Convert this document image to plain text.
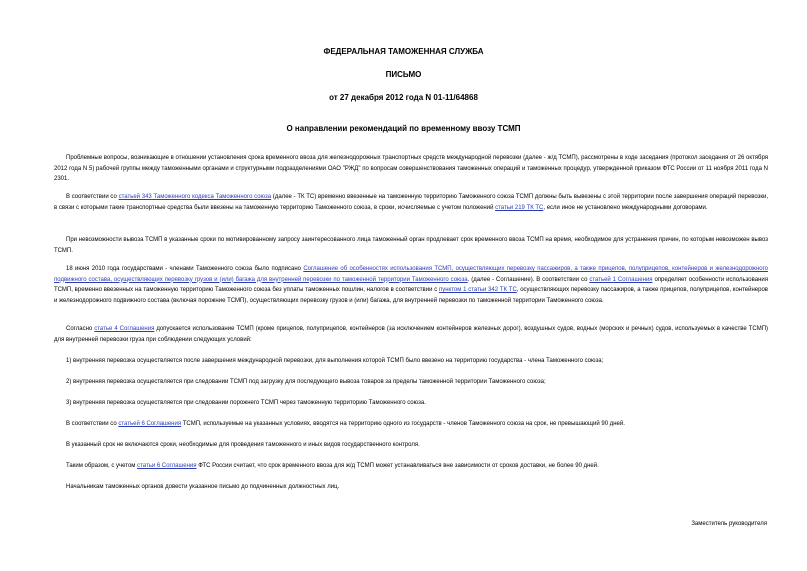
ФЕДЕРАЛЬНАЯ ТАМОЖЕННАЯ СЛУЖБА
ПИСЬМО
от 27 декабря 2012 года N 01-11/64868
О направлении рекомендаций по временному ввозу ТСМП

Проблемные вопросы, возникающие в отношении установления срока временного ввоза для железнодорожных транспортных средств международной перевозки (далее - ж/д ТСМП), рассмотрены в ходе заседания (протокол заседания от 26 октября 2012 года N 5) рабочей группы между таможенными органами и структурными подразделениями ОАО "РЖД" по вопросам совершенствования таможенных операций и таможенных процедур, утвержденной приказом ФТС России от 11 ноября 2011 года N 2301.

В соответствии со статьей 343 Таможенного кодекса Таможенного союза (далее - ТК ТС) временно ввезенные на таможенную территорию Таможенного союза ТСМП должны быть вывезены с этой территории после завершения операций перевозки, в связи с которыми такие транспортные средства были ввезены на таможенную территорию Таможенного союза, в сроки, исчисляемые с учетом положений статьи 219 ТК ТС, если иное не установлено международными договорами.

При невозможности вывоза ТСМП в указанные сроки по мотивированному запросу заинтересованного лица таможенный орган продлевает срок временного ввоза ТСМП на время, необходимое для устранения причин, по которым невозможен вывоз ТСМП.

18 июня 2010 года государствами - членами Таможенного союза было подписано Соглашение об особенностях использования ТСМП, осуществляющих перевозку пассажиров, а также прицепов, полуприцепов, контейнеров и железнодорожного подвижного состава, осуществляющих перевозку грузов и (или) багажа для внутренней перевозки по таможенной территории Таможенного союза. (далее - Соглашение). В соответствии со статьей 1 Соглашения определяет особенности использования ТСМП, временно ввезенных на таможенную территорию Таможенного союза без уплаты таможенных пошлин, налогов в соответствии с пунктом 1 статьи 342 ТК ТС, осуществляющих перевозку пассажиров, а также прицепов, полуприцепов, контейнеров и железнодорожного подвижного состава (включая порожние ТСМП), осуществляющих перевозку грузов и (или) багажа, для внутренней перевозки по таможенной территории Таможенного союза.

Согласно статье 4 Соглашения допускается использование ТСМП (кроме прицепов, полуприцепов, контейнеров (за исключением контейнеров железных дорог), воздушных судов, водных (морских и речных) судов, используемых в качестве ТСМП) для внутренней перевозки груза при соблюдении следующих условий:

1) внутренняя перевозка осуществляется после завершения международной перевозки, для выполнения которой ТСМП было ввезено на территорию государства - члена Таможенного союза;

2) внутренняя перевозка осуществляется при следовании ТСМП под загрузку для последующего вывоза товаров за пределы таможенной территории Таможенного союза;

3) внутренняя перевозка осуществляется при следовании порожнего ТСМП через таможенную территорию Таможенного союза.

В соответствии со статьей 6 Соглашения ТСМП, используемые на указанных условиях, вводятся на территорию одного из государств - членов Таможенного союза на срок, не превышающий 90 дней.

В указанный срок не включаются сроки, необходимые для проведения таможенного и иных видов государственного контроля.

Таким образом, с учетом статьи 6 Соглашения ФТС России считает, что срок временного ввоза для ж/д ТСМП может устанавливаться вне зависимости от сроков доставки, не более 90 дней.

Начальникам таможенных органов довести указанное письмо до подчиненных должностных лиц.

Заместитель руководителя
